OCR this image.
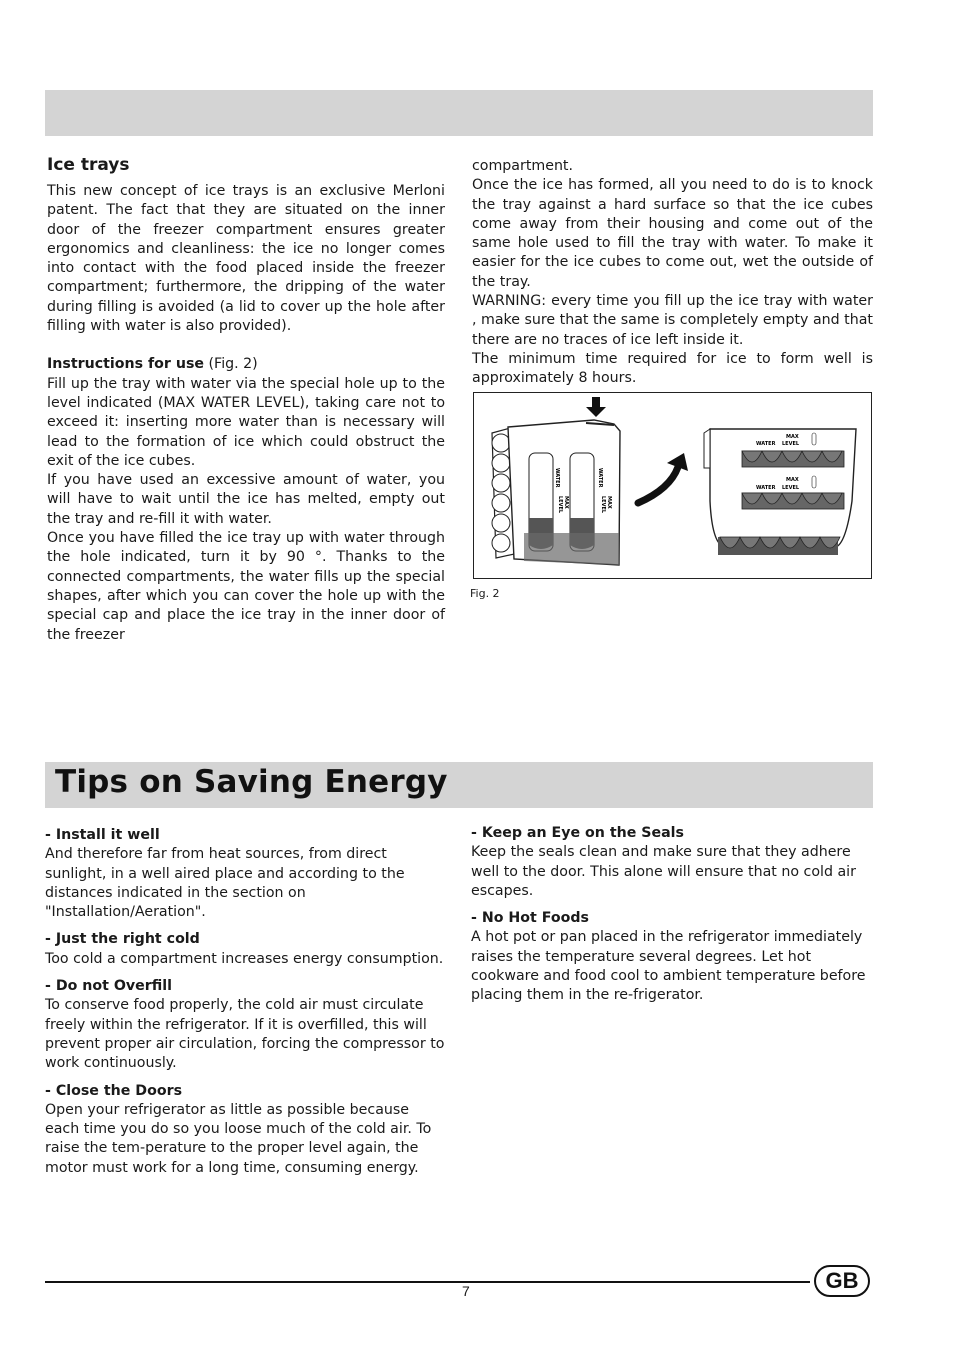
Ice trays

This new concept of ice trays is an exclusive Merloni patent. The fact that they are situated on the inner door of the freezer compartment ensures greater ergonomics and cleanliness: the ice no longer comes into contact with the food placed inside the freezer compartment; furthermore, the dripping of the water during filling is avoided (a lid to cover up the hole after filling with water is also provided).

Instructions for use (Fig. 2)

Fill up the tray with water via the special hole up to the level indicated (MAX WATER LEVEL), taking care not to exceed it: inserting more water than is necessary will lead to the formation of ice which could obstruct the exit of the ice cubes.

If you have used an excessive amount of water, you will have to wait until the ice has melted, empty out the tray and re-fill it with water.

Once you have filled the ice tray up with water through the hole indicated, turn it by 90 °. Thanks to the connected compartments, the water fills up the special shapes, after which you can cover the hole up with the special cap and place the ice tray in the inner door of the freezer

compartment.

Once the ice has formed, all you need to do is to knock the tray against a hard surface so that the ice cubes come away from their housing and come out of the same hole used to fill the tray with water. To make it easier for the ice cubes to come out, wet the outside of the tray.

WARNING: every time you fill up the ice tray with water , make sure that the same is completely empty and that there are no traces of ice left inside it.

The minimum time required for ice to form well is approximately 8 hours.

WATER
MAX
LEVEL
WATER
MAX
LEVEL
WATER
MAX
LEVEL
WATER
MAX
LEVEL
Fig. 2
Tips on Saving Energy

- Install it well

And therefore far from heat sources, from direct sunlight, in a well aired place and according to the distances indicated in the section on "Installation/Aeration".

- Just the right cold

Too cold a compartment increases energy consumption.

- Do not Overfill

To conserve food properly, the cold air must circulate freely within the refrigerator. If it is overfilled, this will prevent proper air circulation, forcing the compressor to work continuously.

- Close the Doors

Open your refrigerator as little as possible because each time you do so you loose much of the cold air. To raise the tem-perature to the proper level again, the motor must work for a long time, consuming energy.

- Keep an Eye on the Seals

Keep the seals clean and make sure that they adhere well to the door. This alone will ensure that no cold air escapes.

- No Hot Foods

A hot pot or pan placed in the refrigerator immediately raises the temperature several degrees. Let hot cookware and food cool to ambient temperature before placing them in the re-frigerator.

7	GB
